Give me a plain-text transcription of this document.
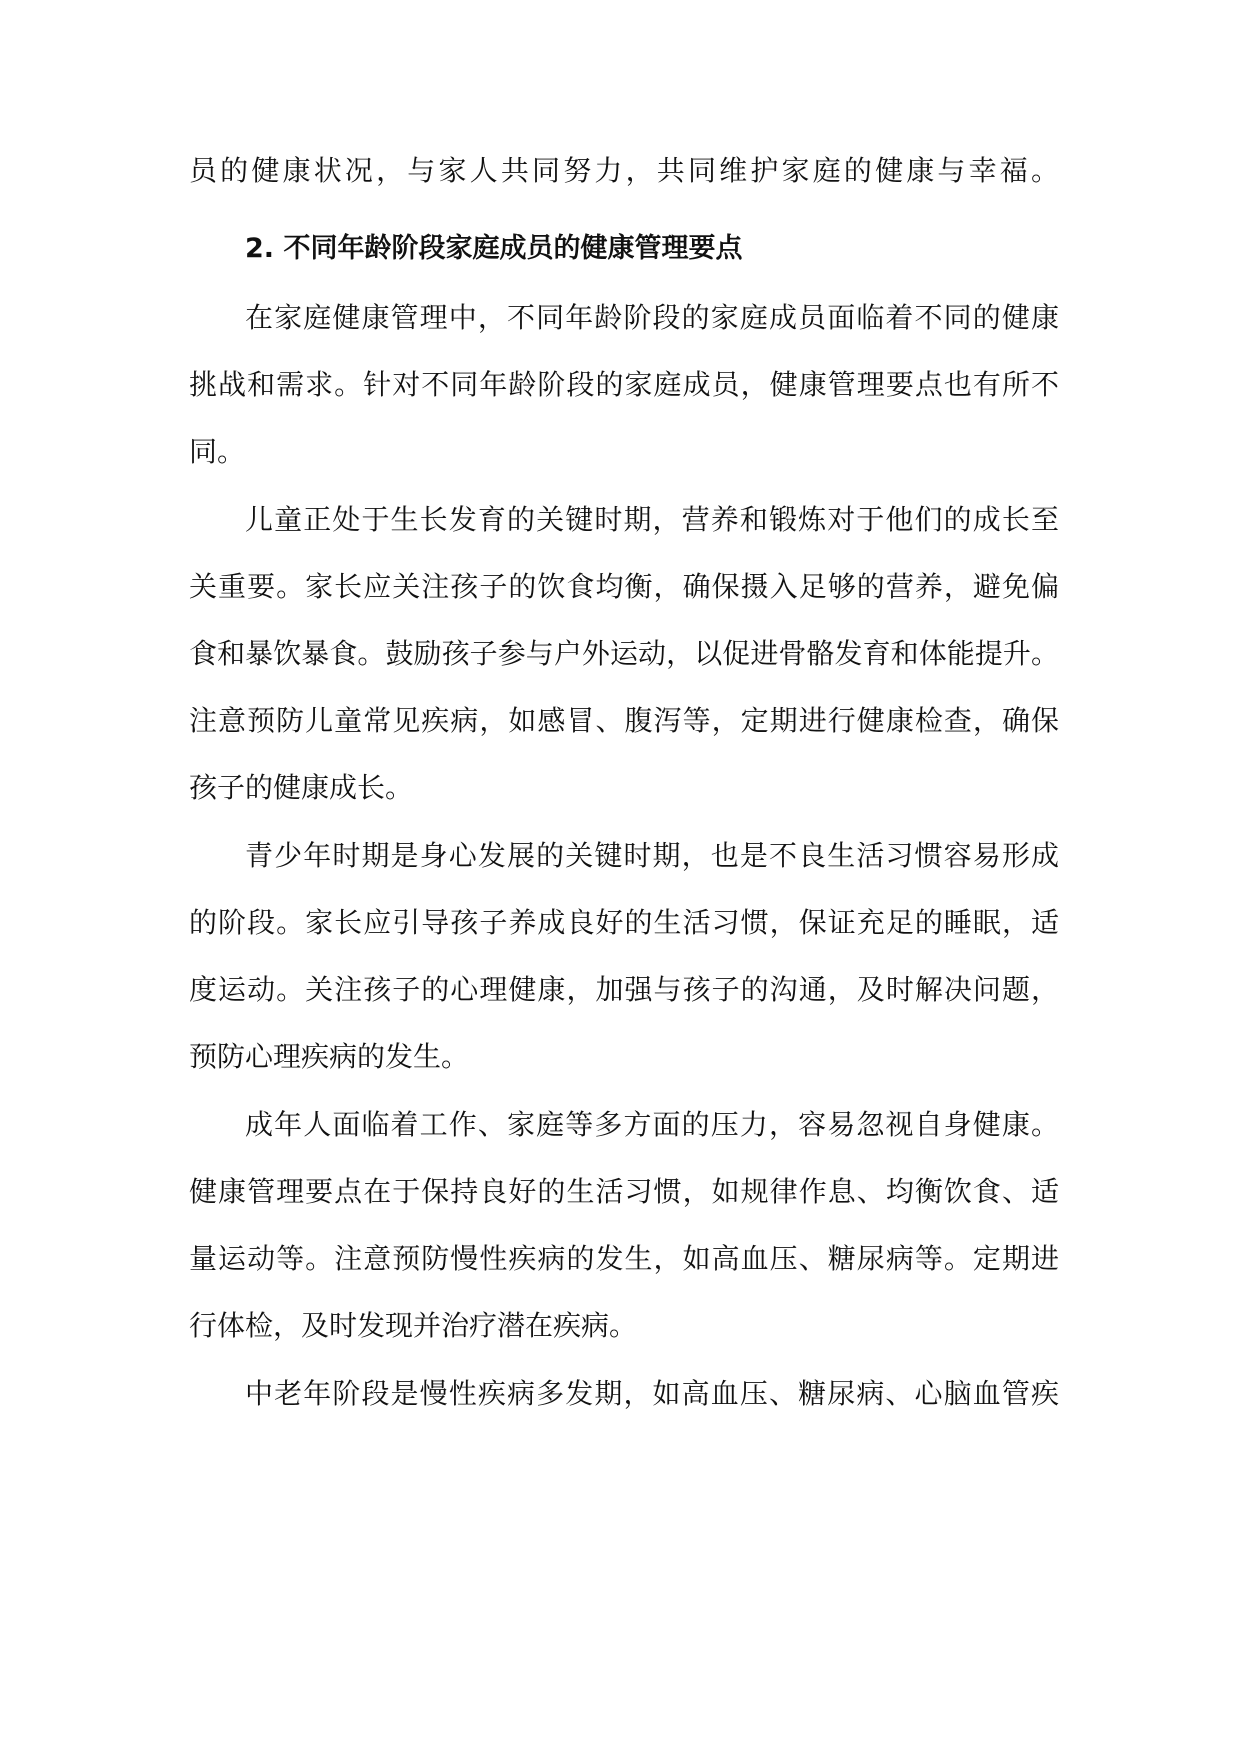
员的健康状况，与家人共同努力，共同维护家庭的健康与幸福。
2. 不同年龄阶段家庭成员的健康管理要点
在家庭健康管理中，不同年龄阶段的家庭成员面临着不同的健康
挑战和需求。针对不同年龄阶段的家庭成员，健康管理要点也有所不
同。
儿童正处于生长发育的关键时期，营养和锻炼对于他们的成长至
关重要。家长应关注孩子的饮食均衡，确保摄入足够的营养，避免偏
食和暴饮暴食。鼓励孩子参与户外运动，以促进骨骼发育和体能提升。
注意预防儿童常见疾病，如感冒、腹泻等，定期进行健康检查，确保
孩子的健康成长。
青少年时期是身心发展的关键时期，也是不良生活习惯容易形成
的阶段。家长应引导孩子养成良好的生活习惯，保证充足的睡眠，适
度运动。关注孩子的心理健康，加强与孩子的沟通，及时解决问题，
预防心理疾病的发生。
成年人面临着工作、家庭等多方面的压力，容易忽视自身健康。
健康管理要点在于保持良好的生活习惯，如规律作息、均衡饮食、适
量运动等。注意预防慢性疾病的发生，如高血压、糖尿病等。定期进
行体检，及时发现并治疗潜在疾病。
中老年阶段是慢性疾病多发期，如高血压、糖尿病、心脑血管疾
